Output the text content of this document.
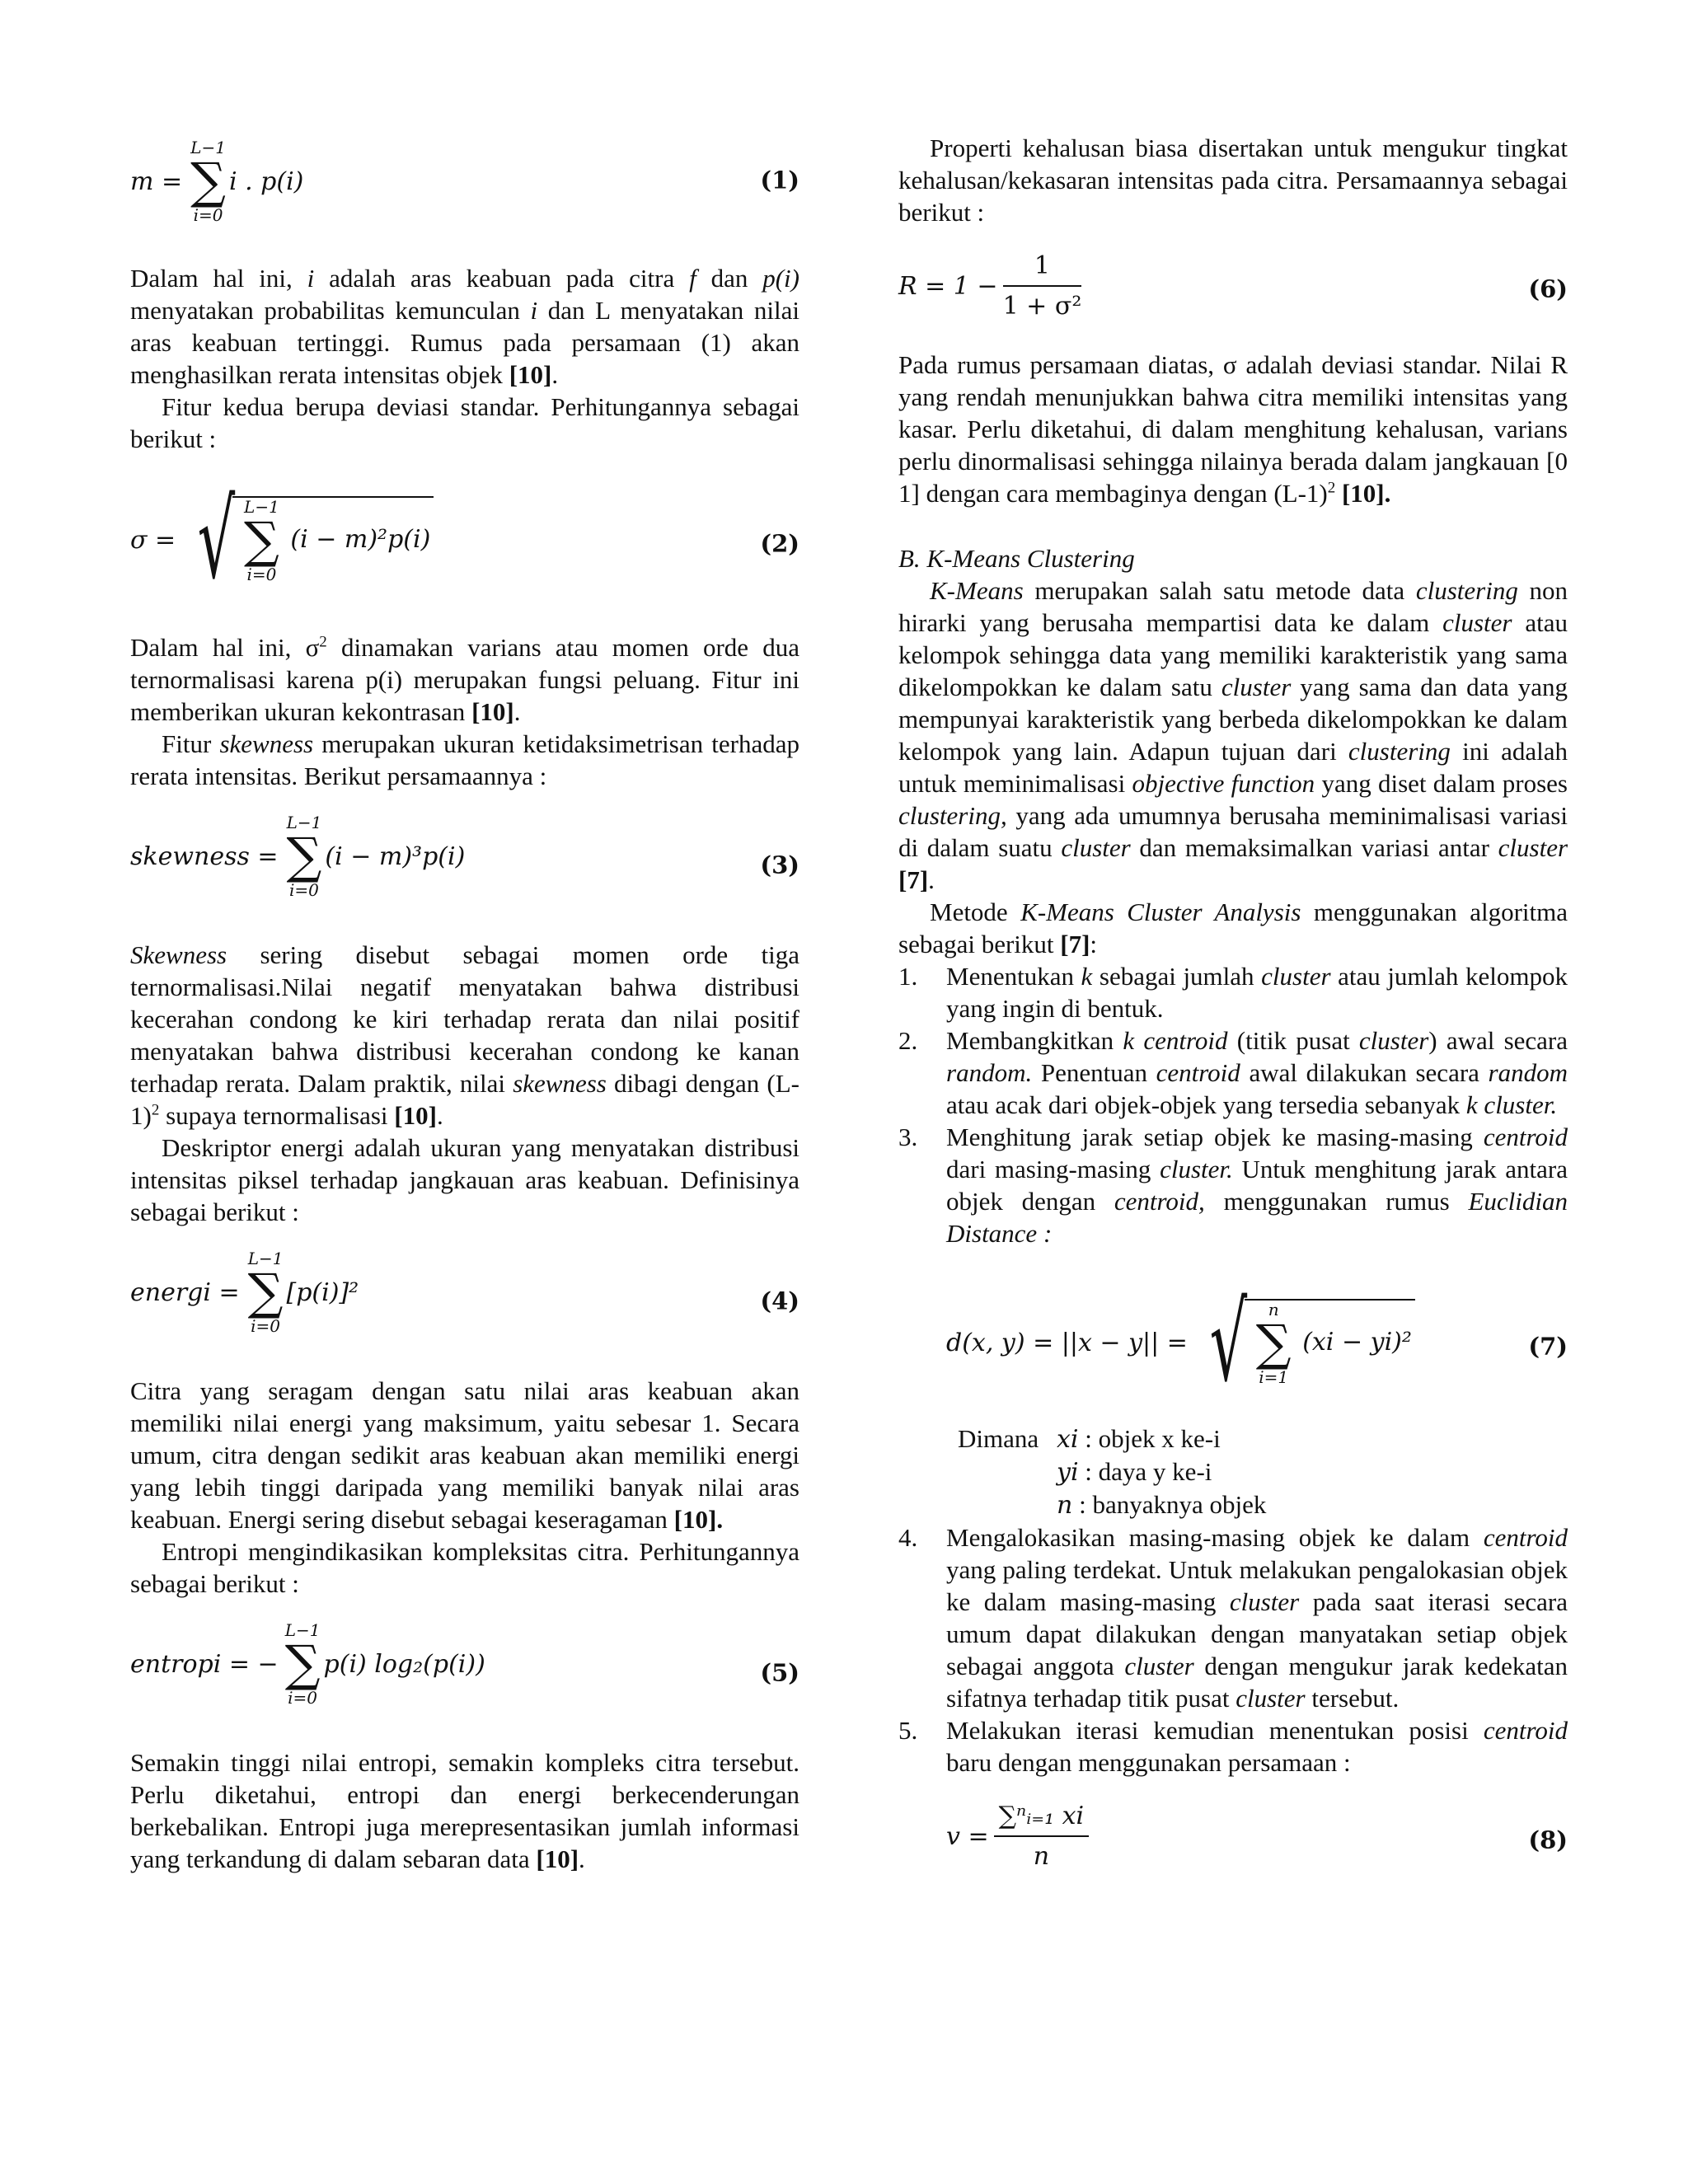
m =
L−1
∑
i=0
i . p(i)	(1)

Dalam hal ini, i adalah aras keabuan pada citra f dan p(i) menyatakan probabilitas kemunculan i dan L menyatakan nilai aras keabuan tertinggi. Rumus pada persamaan (1) akan menghasilkan rerata intensitas objek [10].

Fitur kedua berupa deviasi standar. Perhitungannya sebagai berikut :

σ = √ L−1
∑
i=0
(i − m)²p(i)	(2)

Dalam hal ini, $\sigma^2$ dinamakan varians atau momen orde dua ternormalisasi karena p(i) merupakan fungsi peluang. Fitur ini memberikan ukuran kekontrasan [10].

Fitur skewness merupakan ukuran ketidaksimetrisan terhadap rerata intensitas. Berikut persamaannya :

skewness =
L−1
∑
i=0
(i − m)³p(i)	(3)

Skewness sering disebut sebagai momen orde tiga ternormalisasi.Nilai negatif menyatakan bahwa distribusi kecerahan condong ke kiri terhadap rerata dan nilai positif menyatakan bahwa distribusi kecerahan condong ke kanan terhadap rerata. Dalam praktik, nilai skewness dibagi dengan $(L-1)^2$ supaya ternormalisasi [10].

Deskriptor energi adalah ukuran yang menyatakan distribusi intensitas piksel terhadap jangkauan aras keabuan. Definisinya sebagai berikut :

energi =
L−1
∑
i=0
[p(i)]²	(4)

Citra yang seragam dengan satu nilai aras keabuan akan memiliki nilai energi yang maksimum, yaitu sebesar 1. Secara umum, citra dengan sedikit aras keabuan akan memiliki energi yang lebih tinggi daripada yang memiliki banyak nilai aras keabuan. Energi sering disebut sebagai keseragaman [10].

Entropi mengindikasikan kompleksitas citra. Perhitungannya sebagai berikut :

entropi = −
L−1
∑
i=0
p(i) log₂(p(i))	(5)

Semakin tinggi nilai entropi, semakin kompleks citra tersebut. Perlu diketahui, entropi dan energi berkecenderungan berkebalikan. Entropi juga merepresentasikan jumlah informasi yang terkandung di dalam sebaran data [10].

Properti kehalusan biasa disertakan untuk mengukur tingkat kehalusan/kekasaran intensitas pada citra. Persamaannya sebagai berikut :

$R = 1 - \frac{1}{\text{1 + σ²}}$	(6)

Pada rumus persamaan diatas, σ adalah deviasi standar. Nilai R yang rendah menunjukkan bahwa citra memiliki intensitas yang kasar. Perlu diketahui, di dalam menghitung kehalusan, varians perlu dinormalisasi sehingga nilainya berada dalam jangkauan [0 1] dengan cara membaginya dengan $(L-1)^2$ [10].

B. K-Means Clustering

K-Means merupakan salah satu metode data clustering non hirarki yang berusaha mempartisi data ke dalam cluster atau kelompok sehingga data yang memiliki karakteristik yang sama dikelompokkan ke dalam satu cluster yang sama dan data yang mempunyai karakteristik yang berbeda dikelompokkan ke dalam kelompok yang lain. Adapun tujuan dari clustering ini adalah untuk meminimalisasi objective function yang diset dalam proses clustering, yang ada umumnya berusaha meminimalisasi variasi di dalam suatu cluster dan memaksimalkan variasi antar cluster [7].

Metode K-Means Cluster Analysis menggunakan algoritma sebagai berikut [7]:

1. Menentukan k sebagai jumlah cluster atau jumlah kelompok yang ingin di bentuk.
2. Membangkitkan k centroid (titik pusat cluster) awal secara random. Penentuan centroid awal dilakukan secara random atau acak dari objek-objek yang tersedia sebanyak k cluster.
3. Menghitung jarak setiap objek ke masing-masing centroid dari masing-masing cluster. Untuk menghitung jarak antara objek dengan centroid, menggunakan rumus Euclidian Distance :
d(x, y) = ||x − y|| = √	n
∑
i=1
(xi − yi)²	(7)
Dimana xi : objek x ke-i
yi : daya y ke-i
n : banyaknya objek
4. Mengalokasikan masing-masing objek ke dalam centroid yang paling terdekat. Untuk melakukan pengalokasian objek ke dalam masing-masing cluster pada saat iterasi secara umum dapat dilakukan dengan manyatakan setiap objek sebagai anggota cluster dengan mengukur jarak kedekatan sifatnya terhadap titik pusat cluster tersebut.
5. Melakukan iterasi kemudian menentukan posisi centroid baru dengan menggunakan persamaan :
$v = \frac{\text{∑ⁿᵢ₌₁ xi}}{n}$	(8)
